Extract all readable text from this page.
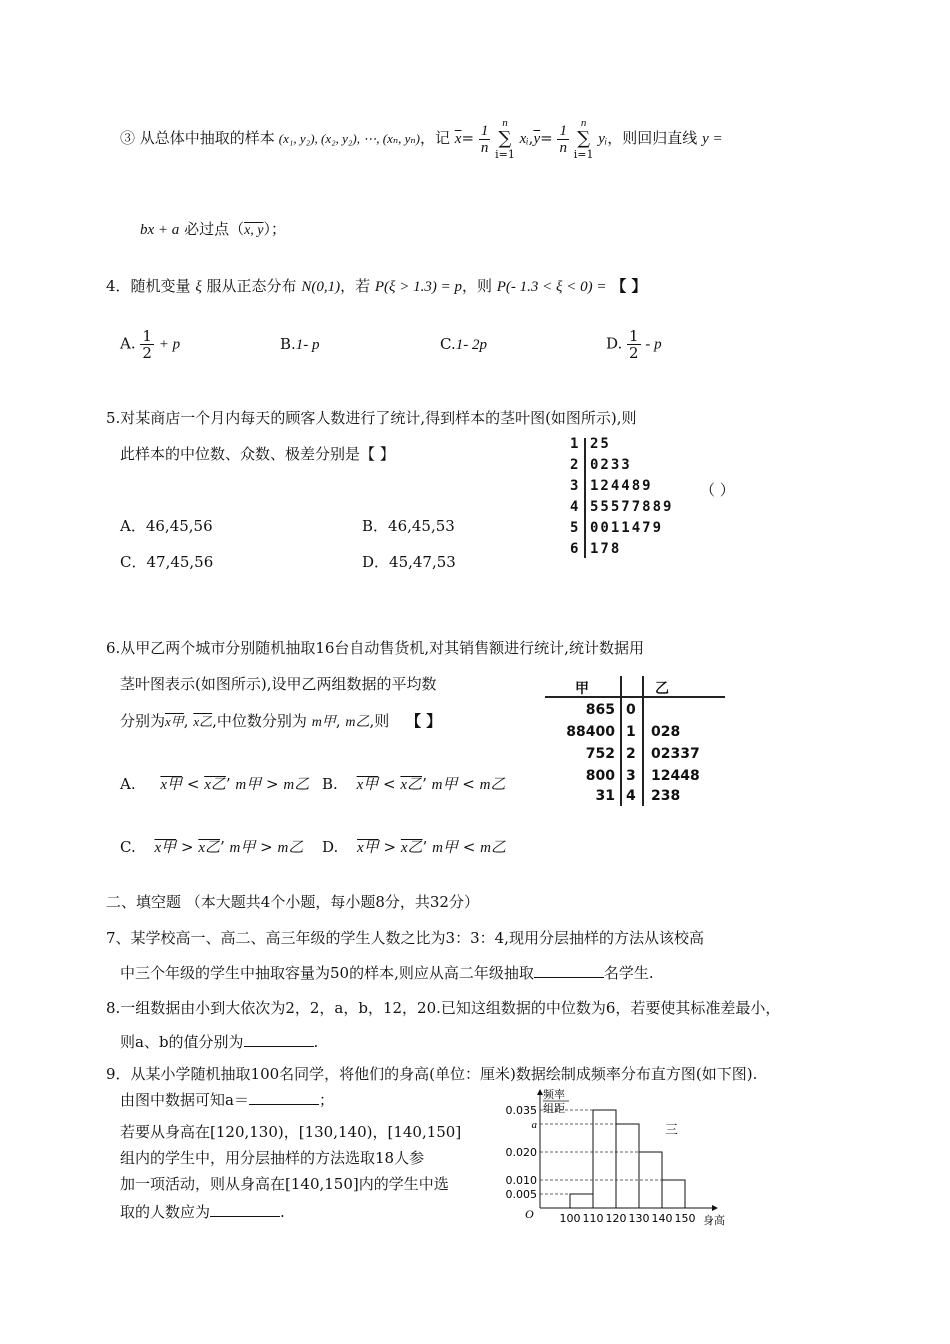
③ 从总体中抽取的样本 (x₁, y₂), (x₂, y₂), ⋯, (xₙ, yₙ)，记 $\overline{x}= \frac{1}{n}$
	n
∑
i=1
$xᵢ,\overline{y}= \frac{1}{n}$
	n
∑
i=1
yᵢ，则回归直线 y =
bx + a 必过点（x, y）；
4．随机变量 ξ 服从正态分布 N(0,1)，若 P(ξ > 1.3) = p，则 P(- 1.3 < ξ < 0) = 【 】
A. $\frac{1}{2} + p$	B.1- p	C.1- 2p	D. $\frac{1}{2}$ - p
5.对某商店一个月内每天的顾客人数进行了统计,得到样本的茎叶图(如图所示),则
此样本的中位数、众数、极差分别是【 】
1 25
2 0233
3 124489
4 55577889
5 0011479
6 178
（ ）
A．46,45,56	B．46,45,53
C．47,45,56	D．45,47,53
6.从甲乙两个城市分别随机抽取16台自动售货机,对其销售额进行统计,统计数据用
茎叶图表示(如图所示),设甲乙两组数据的平均数
分别为x甲, x乙,中位数分别为 m甲, m乙,则 【 】
甲	乙
865 0
88400 1 028
752 2 02337
800 3 12448
31 4 238
A. x甲 < x乙’ m甲 > m乙 B. x甲 < x乙’ m甲 < m乙
C. x甲 > x乙’ m甲 > m乙 D. x甲 > x乙’ m甲 < m乙
二、填空题 （本大题共4个小题，每小题8分，共32分）
7、某学校高一、高二、高三年级的学生人数之比为3：3：4,现用分层抽样的方法从该校高
中三个年级的学生中抽取容量为50的样本,则应从高二年级抽取	名学生.
8.一组数据由小到大依次为2，2，a，b，12，20.已知这组数据的中位数为6，若要使其标准差最小，
则a、b的值分别为	.
9．从某小学随机抽取100名同学，将他们的身高(单位：厘米)数据绘制成频率分布直方图(如下图).
由图中数据可知a＝	；
若要从身高在[120,130)，[130,140)，[140,150]
组内的学生中，用分层抽样的方法选取18人参
加一项活动，则从身高在[140,150]内的学生中选
取的人数应为	.
0.035
a
0.020
0.010
0.005
100 110 120 130 140 150
频率
组距
O	身高
三
